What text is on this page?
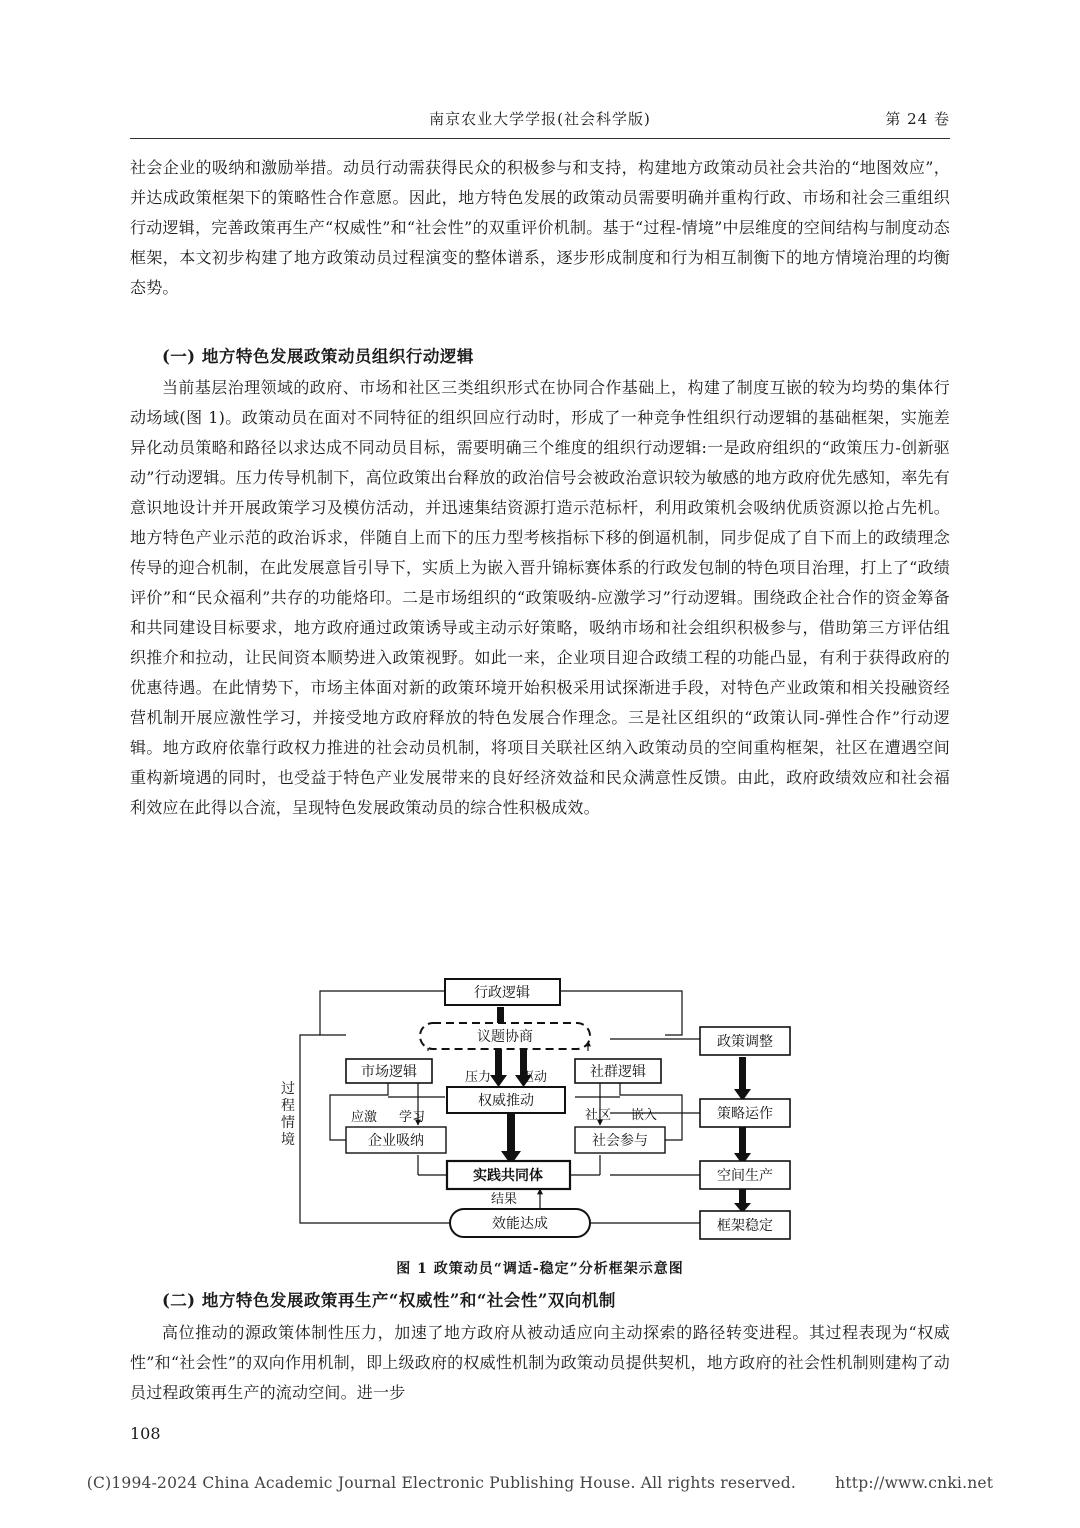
南京农业大学学报(社会科学版)	第 24 卷
社会企业的吸纳和激励举措。动员行动需获得民众的积极参与和支持，构建地方政策动员社会共治的“地图效应”，并达成政策框架下的策略性合作意愿。因此，地方特色发展的政策动员需要明确并重构行政、市场和社会三重组织行动逻辑，完善政策再生产“权威性”和“社会性”的双重评价机制。基于“过程-情境”中层维度的空间结构与制度动态框架，本文初步构建了地方政策动员过程演变的整体谱系，逐步形成制度和行为相互制衡下的地方情境治理的均衡态势。
(一) 地方特色发展政策动员组织行动逻辑
当前基层治理领域的政府、市场和社区三类组织形式在协同合作基础上，构建了制度互嵌的较为均势的集体行动场域(图 1)。政策动员在面对不同特征的组织回应行动时，形成了一种竞争性组织行动逻辑的基础框架，实施差异化动员策略和路径以求达成不同动员目标，需要明确三个维度的组织行动逻辑:一是政府组织的“政策压力-创新驱动”行动逻辑。压力传导机制下，高位政策出台释放的政治信号会被政治意识较为敏感的地方政府优先感知，率先有意识地设计并开展政策学习及模仿活动，并迅速集结资源打造示范标杆，利用政策机会吸纳优质资源以抢占先机。地方特色产业示范的政治诉求，伴随自上而下的压力型考核指标下移的倒逼机制，同步促成了自下而上的政绩理念传导的迎合机制，在此发展意旨引导下，实质上为嵌入晋升锦标赛体系的行政发包制的特色项目治理，打上了“政绩评价”和“民众福利”共存的功能烙印。二是市场组织的“政策吸纳-应激学习”行动逻辑。围绕政企社合作的资金筹备和共同建设目标要求，地方政府通过政策诱导或主动示好策略，吸纳市场和社会组织积极参与，借助第三方评估组织推介和拉动，让民间资本顺势进入政策视野。如此一来，企业项目迎合政绩工程的功能凸显，有利于获得政府的优惠待遇。在此情势下，市场主体面对新的政策环境开始积极采用试探渐进手段，对特色产业政策和相关投融资经营机制开展应激性学习，并接受地方政府释放的特色发展合作理念。三是社区组织的“政策认同-弹性合作”行动逻辑。地方政府依靠行政权力推进的社会动员机制，将项目关联社区纳入政策动员的空间重构框架，社区在遭遇空间重构新境遇的同时，也受益于特色产业发展带来的良好经济效益和民众满意性反馈。由此，政府政绩效应和社会福利效应在此得以合流，呈现特色发展政策动员的综合性积极成效。
行政逻辑
议题协商
市场逻辑	社群逻辑
权威推动
企业吸纳	社会参与
实践共同体
效能达成
政策调整
策略运作
空间生产
框架稳定
压力 驱动
应激 学习	社区 嵌入
结果
过程情境
图 1 政策动员“调适-稳定”分析框架示意图
(二) 地方特色发展政策再生产“权威性”和“社会性”双向机制
高位推动的源政策体制性压力，加速了地方政府从被动适应向主动探索的路径转变进程。其过程表现为“权威性”和“社会性”的双向作用机制，即上级政府的权威性机制为政策动员提供契机，地方政府的社会性机制则建构了动员过程政策再生产的流动空间。进一步
108
(C)1994-2024 China Academic Journal Electronic Publishing House. All rights reserved.	http://www.cnki.net
